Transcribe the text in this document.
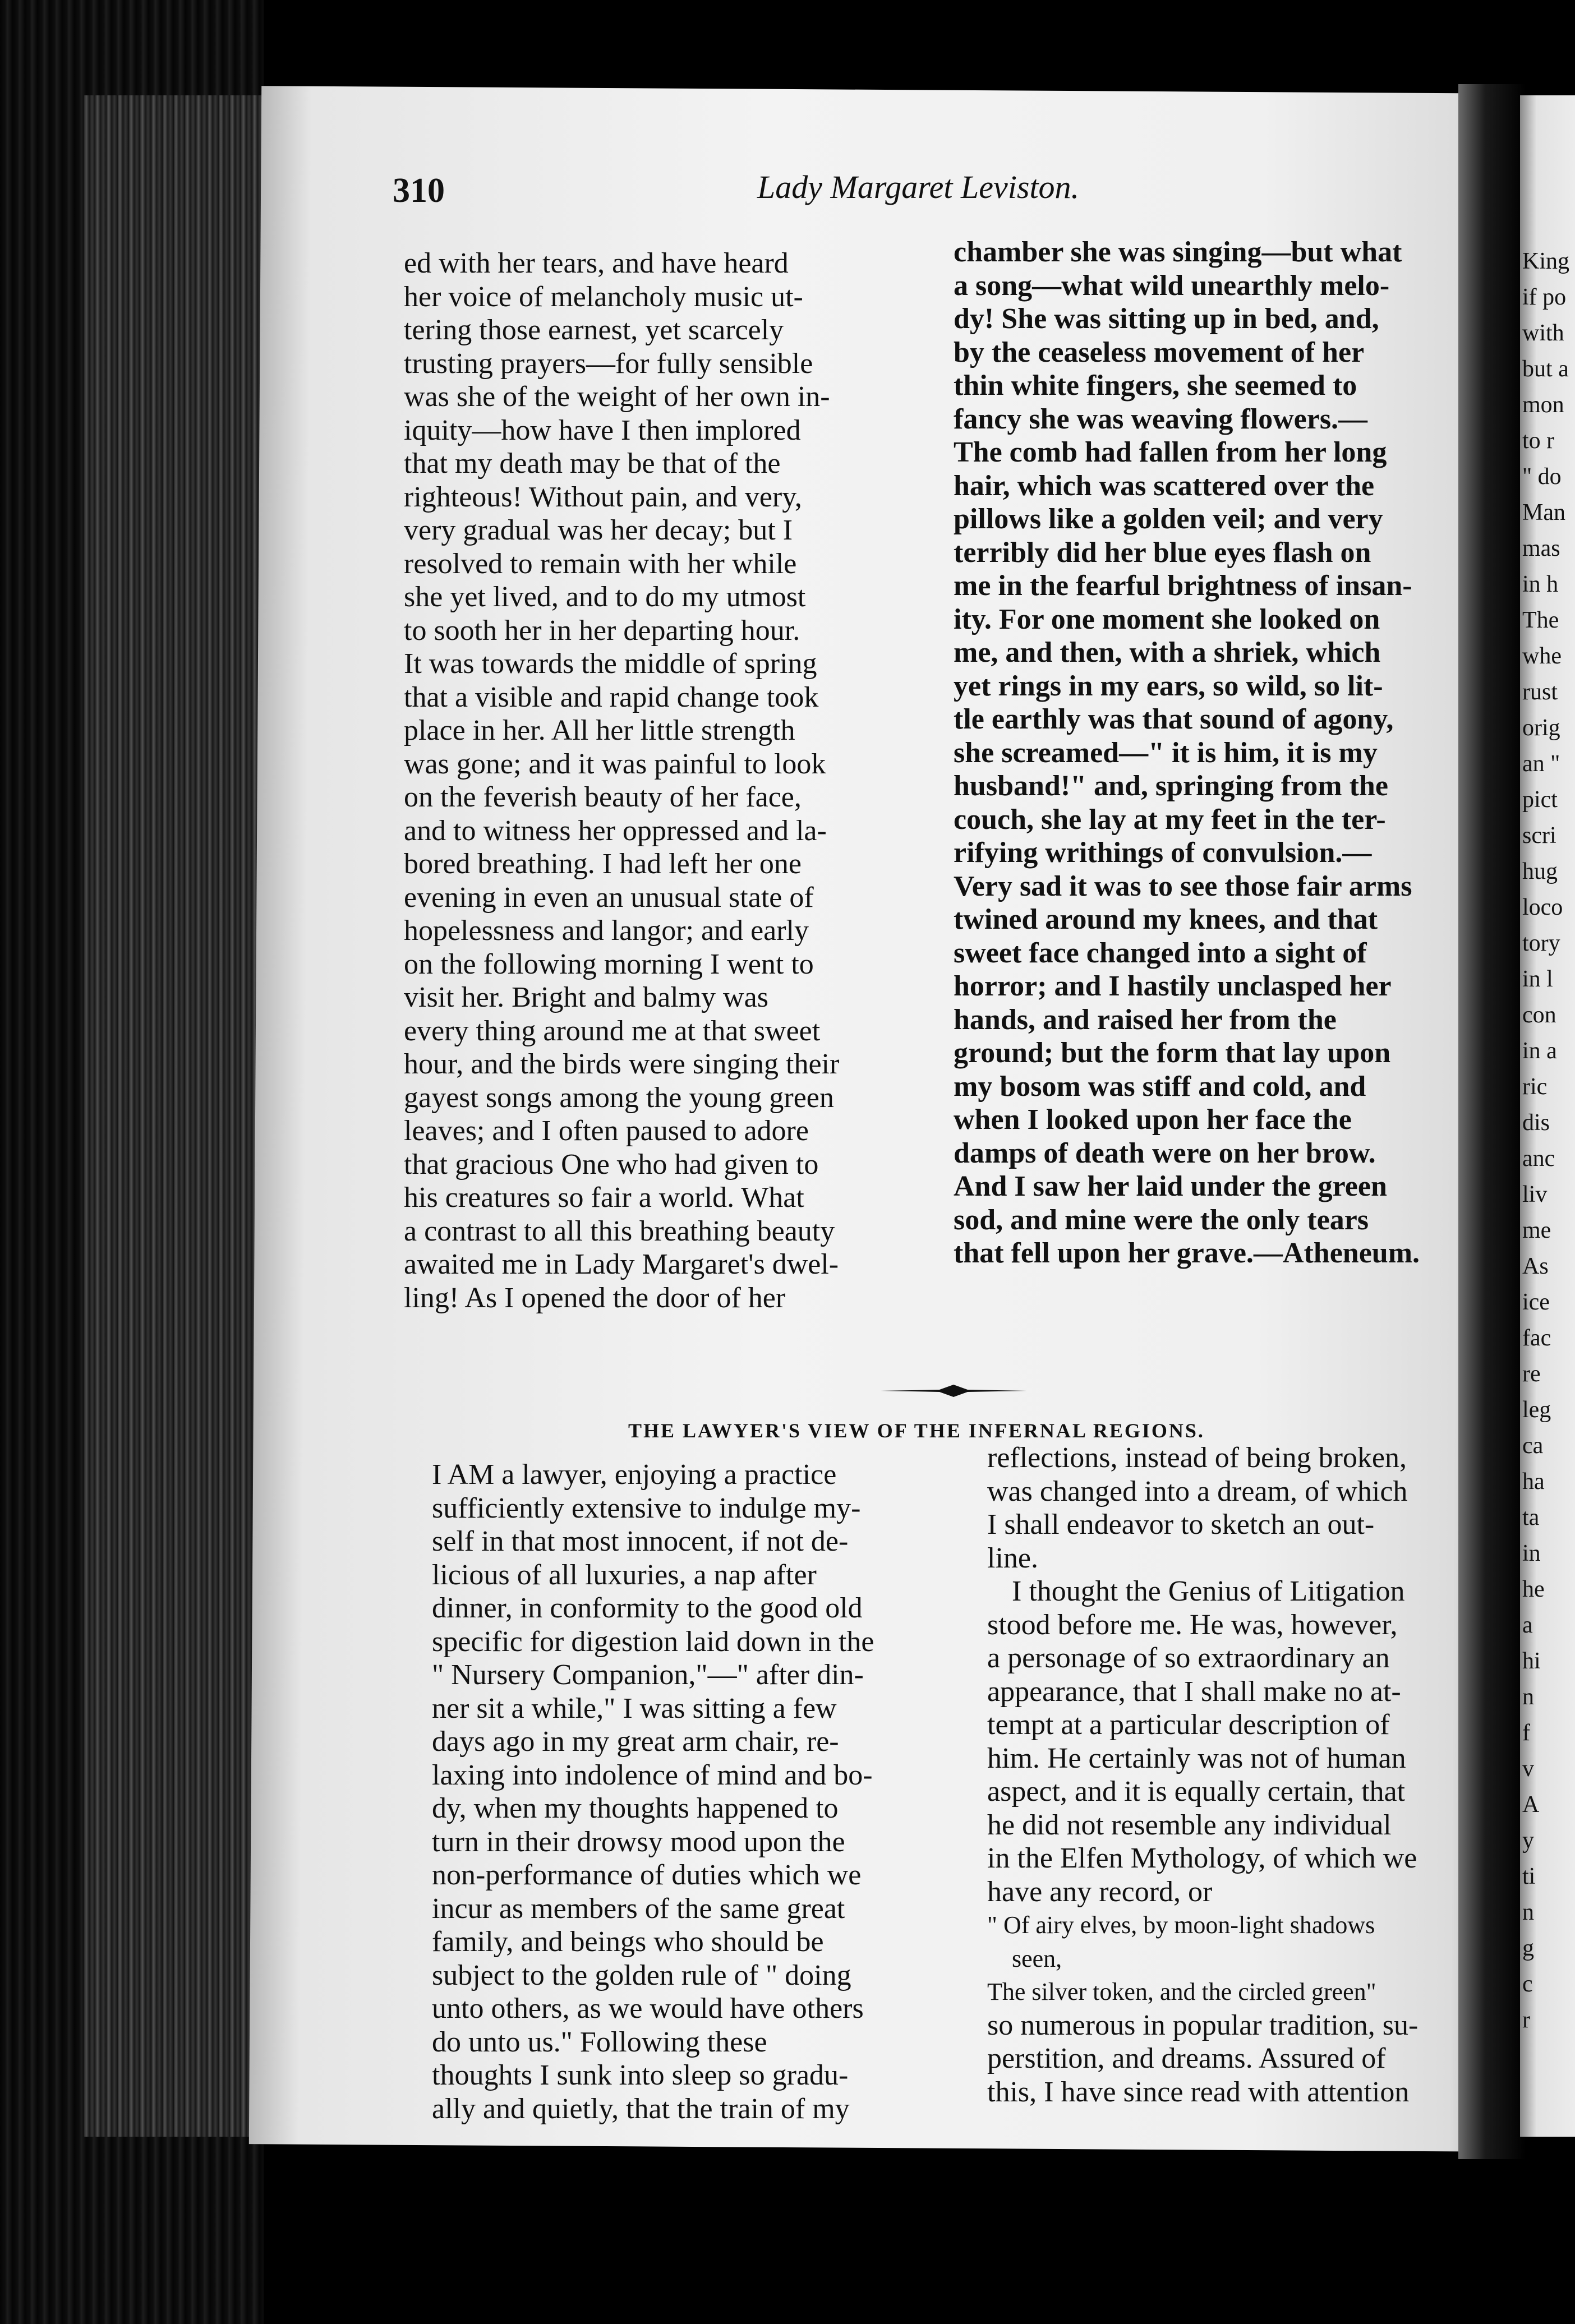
King
if po
with
but a
mon
to r
" do
Man
mas
in h
The
whe
rust
orig
an "
pict
scri
hug
loco
tory
in l
con
in a
ric
dis
anc
liv
me
As
ice
fac
re
leg
ca
ha
ta
in
he
a
hi
n
f
v
A
y
ti
n
g
c
r
310	Lady Margaret Leviston.
ed with her tears, and have heard
her voice of melancholy music ut-
tering those earnest, yet scarcely
trusting prayers—for fully sensible
was she of the weight of her own in-
iquity—how have I then implored
that my death may be that of the
righteous! Without pain, and very,
very gradual was her decay; but I
resolved to remain with her while
she yet lived, and to do my utmost
to sooth her in her departing hour.
It was towards the middle of spring
that a visible and rapid change took
place in her. All her little strength
was gone; and it was painful to look
on the feverish beauty of her face,
and to witness her oppressed and la-
bored breathing. I had left her one
evening in even an unusual state of
hopelessness and langor; and early
on the following morning I went to
visit her. Bright and balmy was
every thing around me at that sweet
hour, and the birds were singing their
gayest songs among the young green
leaves; and I often paused to adore
that gracious One who had given to
his creatures so fair a world. What
a contrast to all this breathing beauty
awaited me in Lady Margaret's dwel-
ling! As I opened the door of her
chamber she was singing—but what
a song—what wild unearthly melo-
dy! She was sitting up in bed, and,
by the ceaseless movement of her
thin white fingers, she seemed to
fancy she was weaving flowers.—
The comb had fallen from her long
hair, which was scattered over the
pillows like a golden veil; and very
terribly did her blue eyes flash on
me in the fearful brightness of insan-
ity. For one moment she looked on
me, and then, with a shriek, which
yet rings in my ears, so wild, so lit-
tle earthly was that sound of agony,
she screamed—" it is him, it is my
husband!" and, springing from the
couch, she lay at my feet in the ter-
rifying writhings of convulsion.—
Very sad it was to see those fair arms
twined around my knees, and that
sweet face changed into a sight of
horror; and I hastily unclasped her
hands, and raised her from the
ground; but the form that lay upon
my bosom was stiff and cold, and
when I looked upon her face the
damps of death were on her brow.
And I saw her laid under the green
sod, and mine were the only tears
that fell upon her grave.—Atheneum.
THE LAWYER'S VIEW OF THE INFERNAL REGIONS.
I AM a lawyer, enjoying a practice
sufficiently extensive to indulge my-
self in that most innocent, if not de-
licious of all luxuries, a nap after
dinner, in conformity to the good old
specific for digestion laid down in the
" Nursery Companion,"—" after din-
ner sit a while," I was sitting a few
days ago in my great arm chair, re-
laxing into indolence of mind and bo-
dy, when my thoughts happened to
turn in their drowsy mood upon the
non-performance of duties which we
incur as members of the same great
family, and beings who should be
subject to the golden rule of " doing
unto others, as we would have others
do unto us." Following these
thoughts I sunk into sleep so gradu-
ally and quietly, that the train of my
reflections, instead of being broken,
was changed into a dream, of which
I shall endeavor to sketch an out-
line.
I thought the Genius of Litigation
stood before me. He was, however,
a personage of so extraordinary an
appearance, that I shall make no at-
tempt at a particular description of
him. He certainly was not of human
aspect, and it is equally certain, that
he did not resemble any individual
in the Elfen Mythology, of which we
have any record, or
" Of airy elves, by moon-light shadows
seen,
The silver token, and the circled green"
so numerous in popular tradition, su-
perstition, and dreams. Assured of
this, I have since read with attention
